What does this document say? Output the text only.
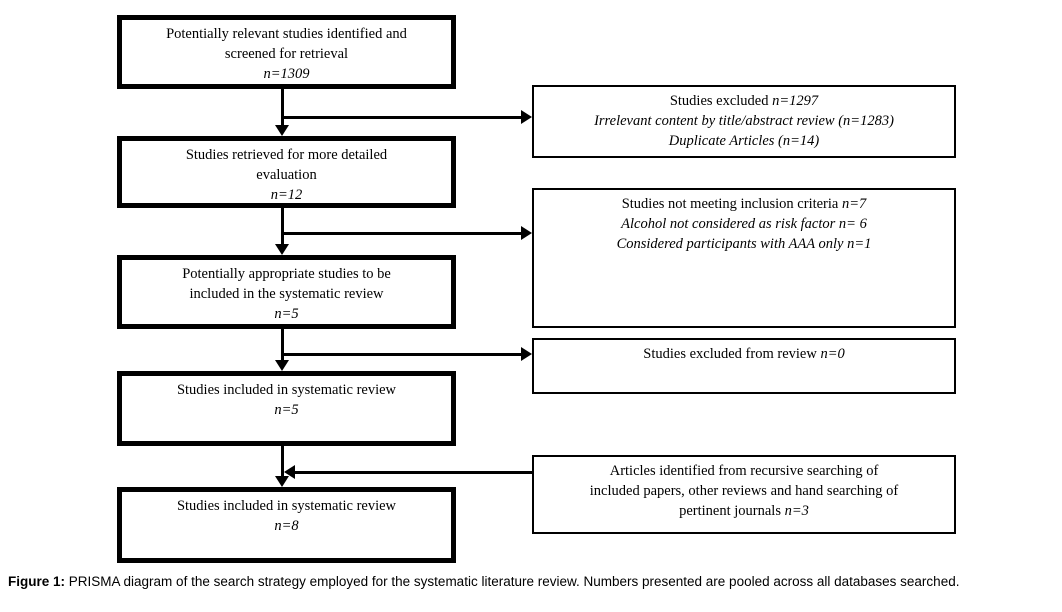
Potentially relevant studies identified and
screened for retrieval
n=1309
Studies retrieved for more detailed
evaluation
n=12
Potentially appropriate studies to be
included in the systematic review
n=5
Studies included in systematic review
n=5
Studies included in systematic review
n=8
Studies excluded n=1297
Irrelevant content by title/abstract review (n=1283)
Duplicate Articles (n=14)
Studies not meeting inclusion criteria n=7
Alcohol not considered as risk factor n= 6
Considered participants with AAA only n=1
Studies excluded from review n=0
Articles identified from recursive searching of
included papers, other reviews and hand searching of
pertinent journals n=3
Figure 1: PRISMA diagram of the search strategy employed for the systematic literature review. Numbers presented are pooled across all databases searched.
